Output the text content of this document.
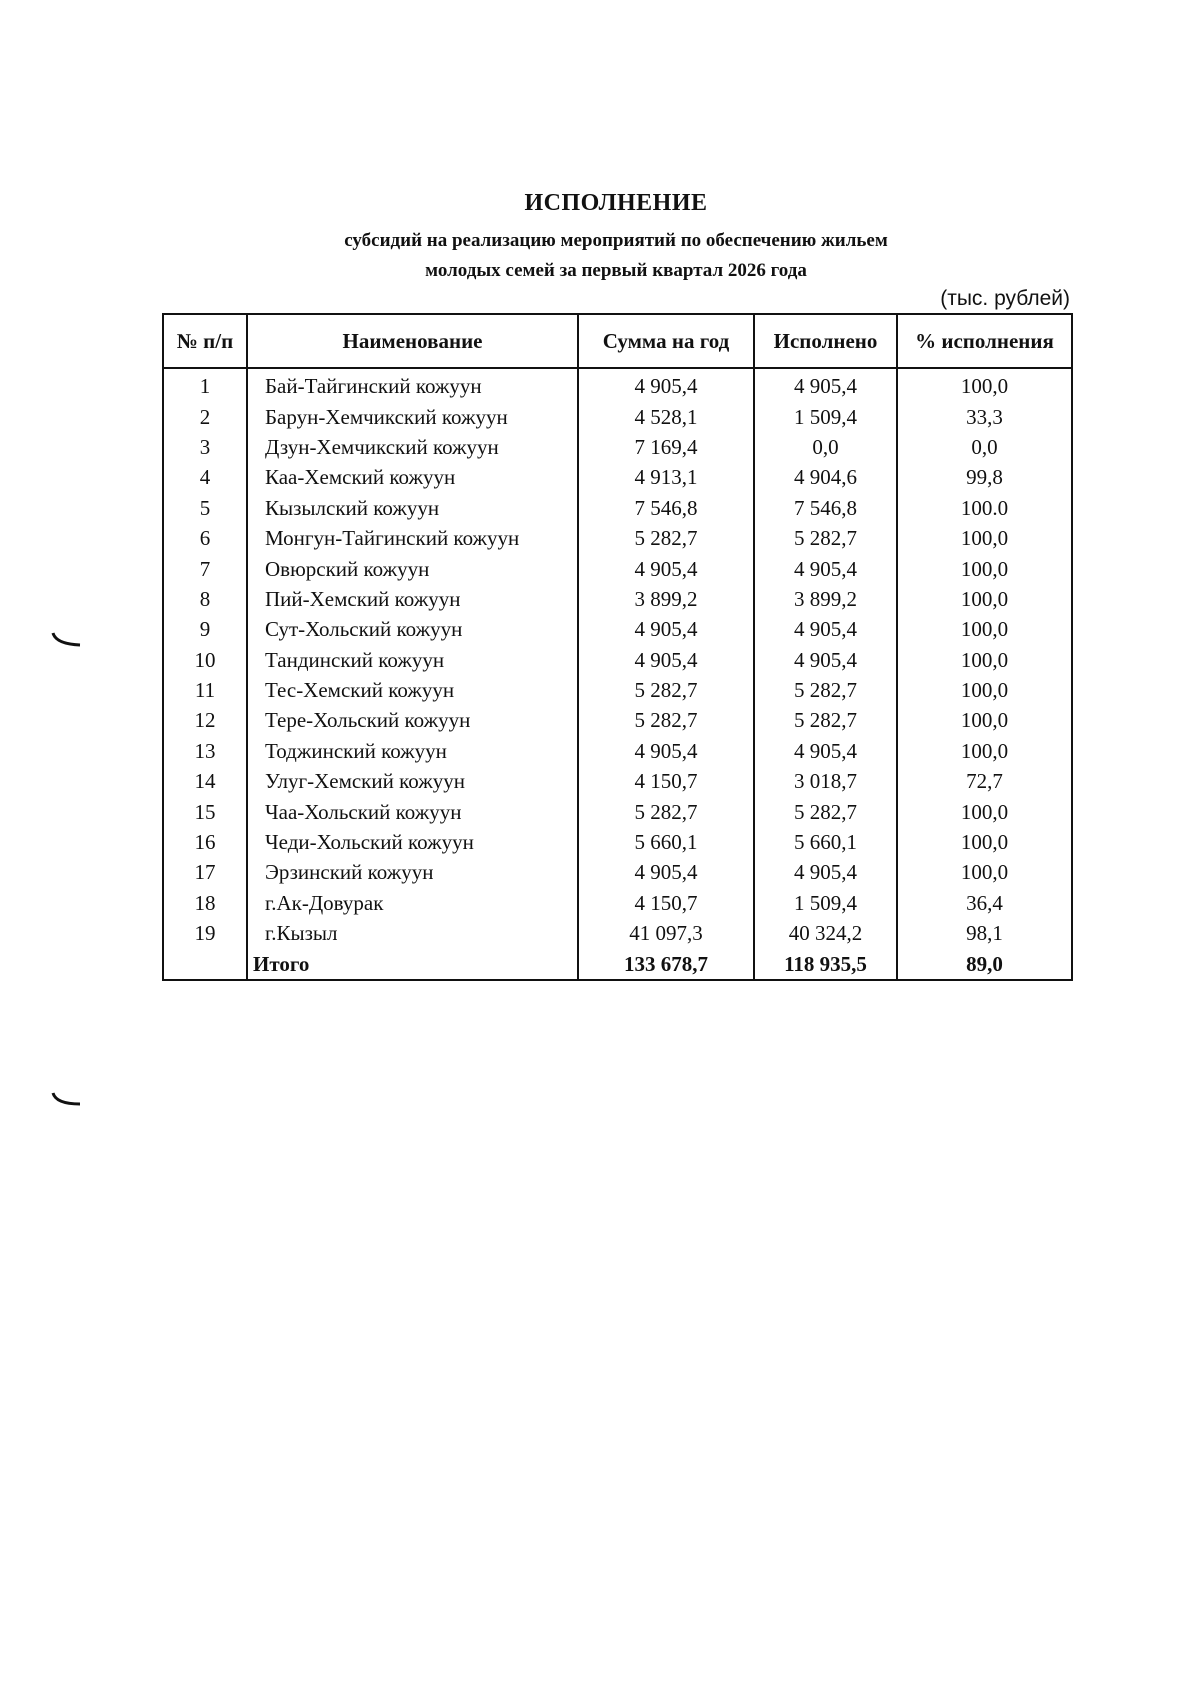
ИСПОЛНЕНИЕ
субсидий на реализацию мероприятий по обеспечению жильем
молодых семей за первый квартал 2026 года
(тыс. рублей)
№ п/п	Наименование	Сумма на год	Исполнено	% исполнения
1	Бай-Тайгинский кожуун	4 905,4	4 905,4	100,0
2	Барун-Хемчикский кожуун	4 528,1	1 509,4	33,3
3	Дзун-Хемчикский кожуун	7 169,4	0,0	0,0
4	Каа-Хемский кожуун	4 913,1	4 904,6	99,8
5	Кызылский кожуун	7 546,8	7 546,8	100.0
6	Монгун-Тайгинский кожуун	5 282,7	5 282,7	100,0
7	Овюрский кожуун	4 905,4	4 905,4	100,0
8	Пий-Хемский кожуун	3 899,2	3 899,2	100,0
9	Сут-Хольский кожуун	4 905,4	4 905,4	100,0
10	Тандинский кожуун	4 905,4	4 905,4	100,0
11	Тес-Хемский кожуун	5 282,7	5 282,7	100,0
12	Тере-Хольский кожуун	5 282,7	5 282,7	100,0
13	Тоджинский кожуун	4 905,4	4 905,4	100,0
14	Улуг-Хемский кожуун	4 150,7	3 018,7	72,7
15	Чаа-Хольский кожуун	5 282,7	5 282,7	100,0
16	Чеди-Хольский кожуун	5 660,1	5 660,1	100,0
17	Эрзинский кожуун	4 905,4	4 905,4	100,0
18	г.Ак-Довурак	4 150,7	1 509,4	36,4
19	г.Кызыл	41 097,3	40 324,2	98,1
	Итого	133 678,7	118 935,5	89,0
